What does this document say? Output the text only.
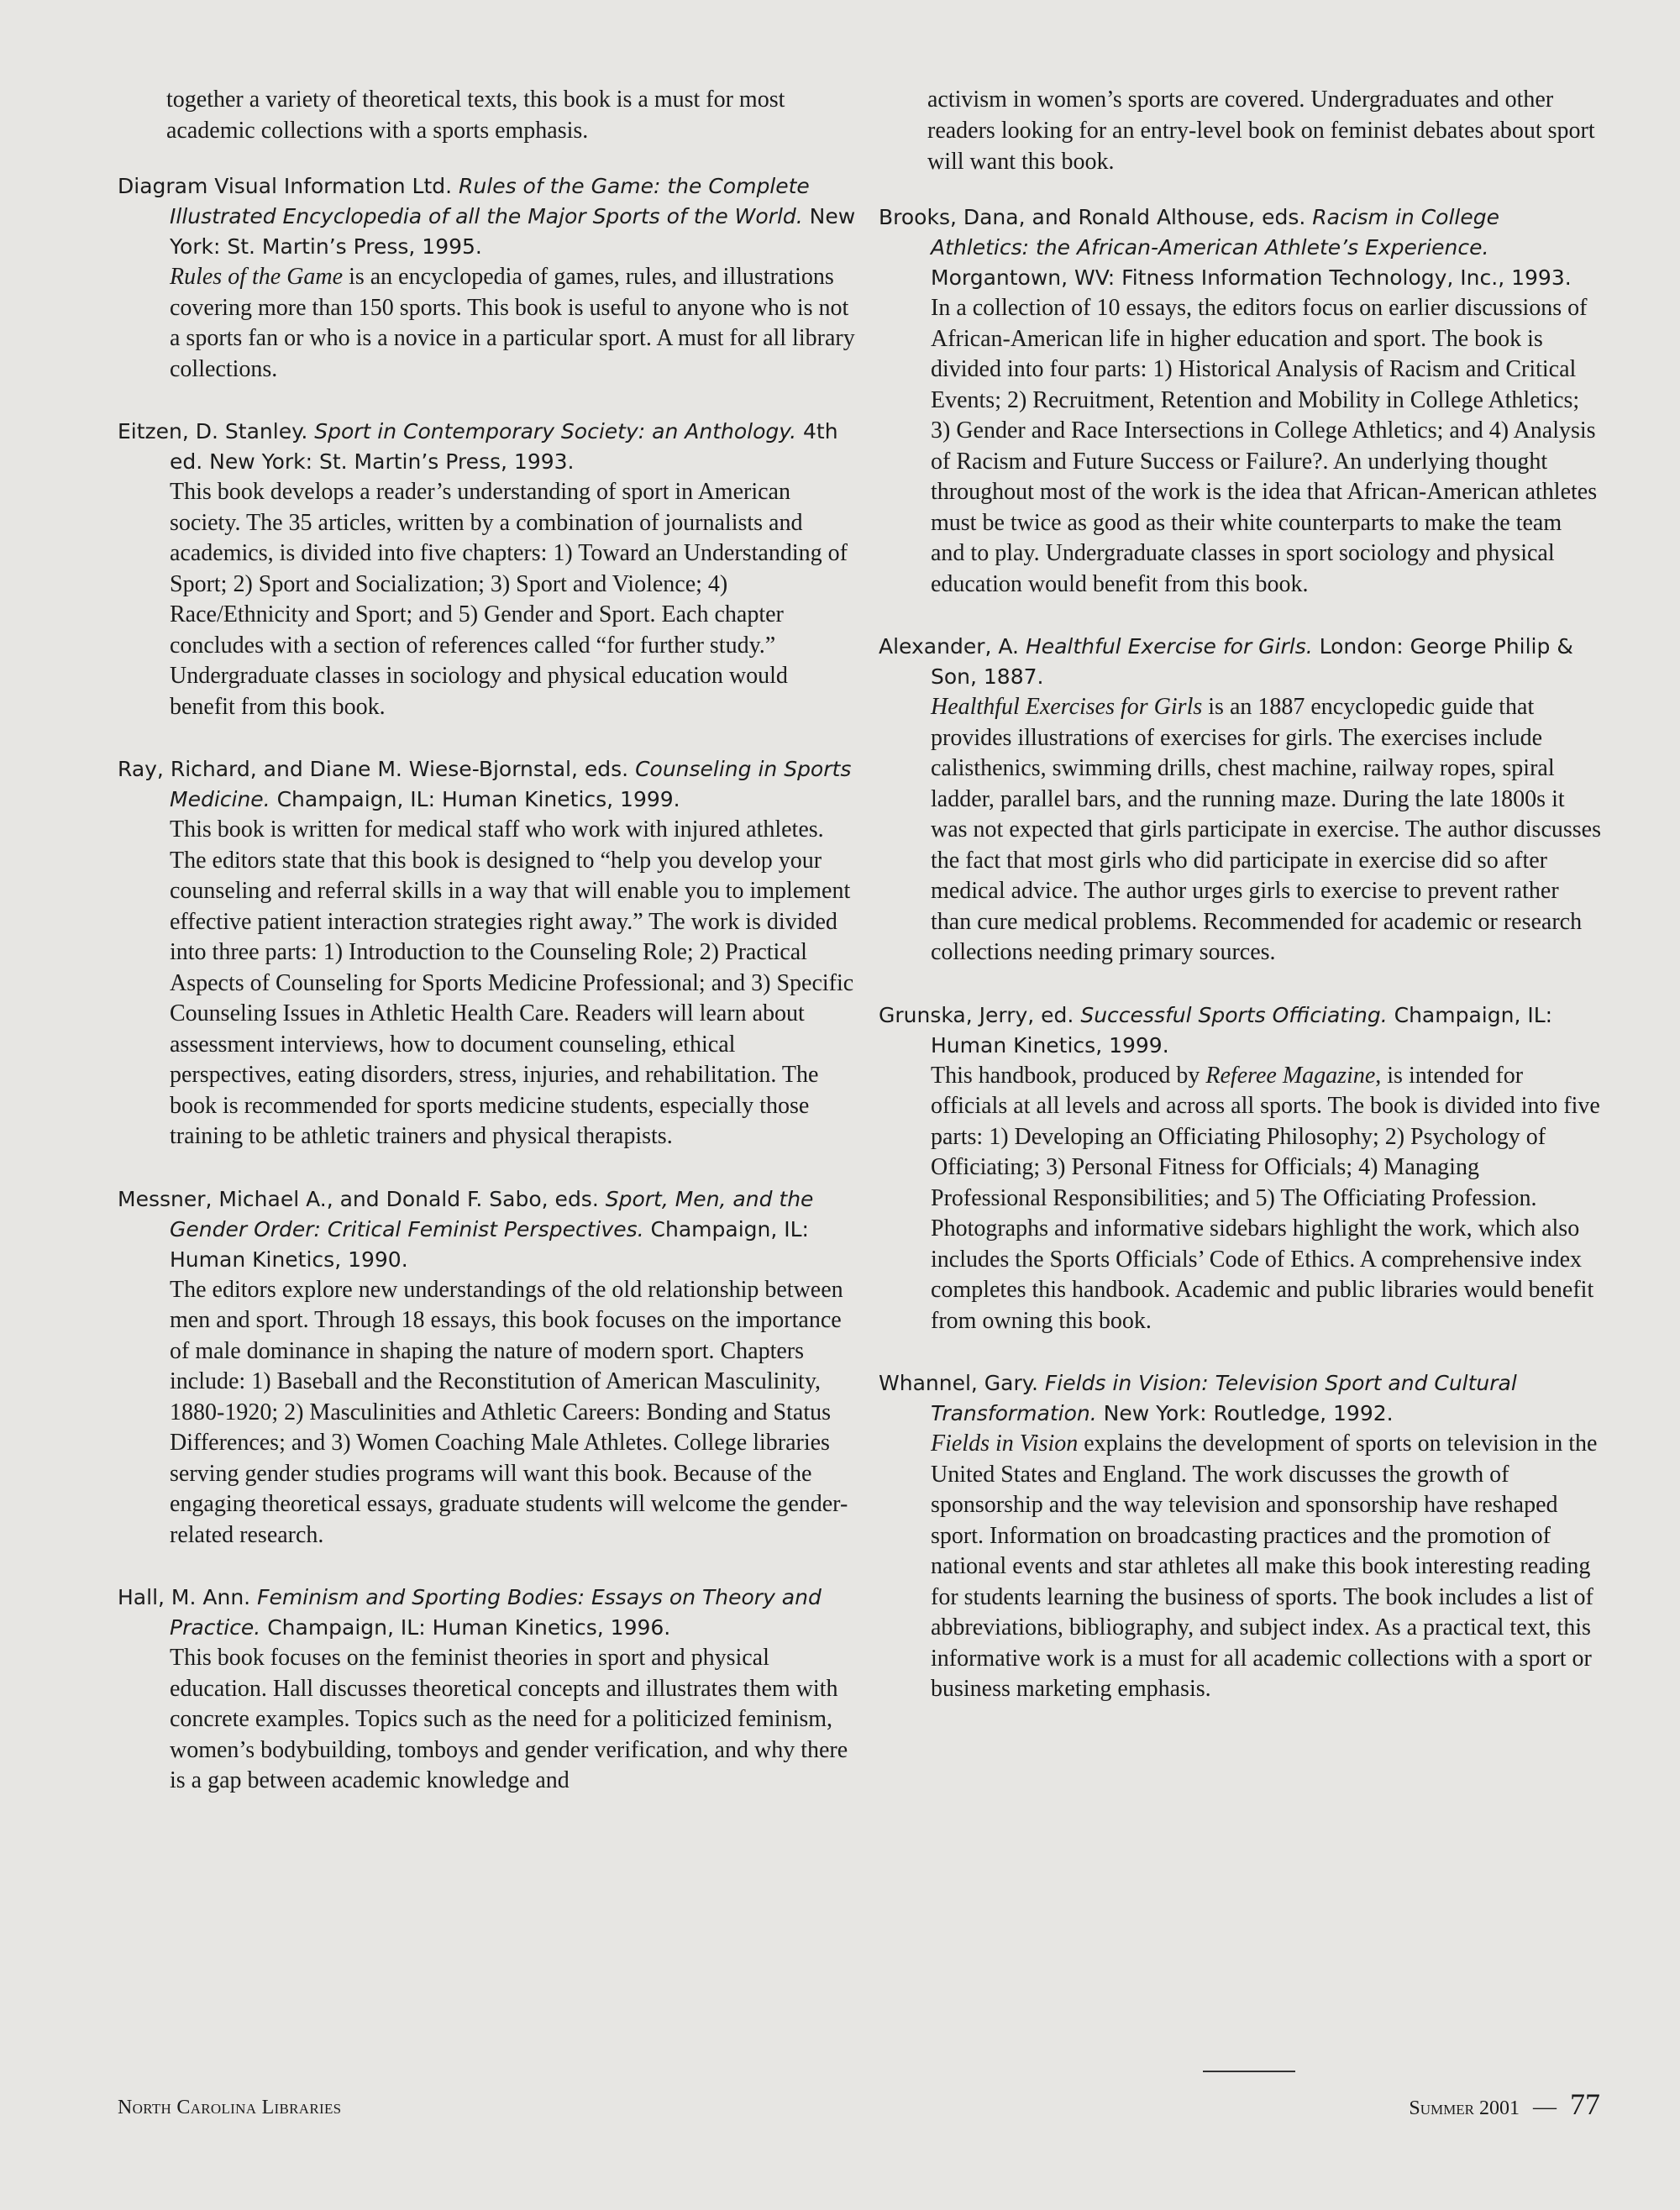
together a variety of theoretical texts, this book is a must for most academic collections with a sports emphasis.

Diagram Visual Information Ltd. Rules of the Game: the Complete Illustrated Encyclopedia of all the Major Sports of the World. New York: St. Martin’s Press, 1995.

Rules of the Game is an encyclopedia of games, rules, and illustrations covering more than 150 sports. This book is useful to anyone who is not a sports fan or who is a novice in a particular sport. A must for all library collections.

Eitzen, D. Stanley. Sport in Contemporary Society: an Anthology. 4th ed. New York: St. Martin’s Press, 1993.

This book develops a reader’s understanding of sport in American society. The 35 articles, written by a combination of journalists and academics, is divided into five chapters: 1) Toward an Understanding of Sport; 2) Sport and Socialization; 3) Sport and Violence; 4) Race/Ethnicity and Sport; and 5) Gender and Sport. Each chapter concludes with a section of references called “for further study.” Undergraduate classes in sociology and physical education would benefit from this book.

Ray, Richard, and Diane M. Wiese-Bjornstal, eds. Counseling in Sports Medicine. Champaign, IL: Human Kinetics, 1999.

This book is written for medical staff who work with injured athletes. The editors state that this book is designed to “help you develop your counseling and referral skills in a way that will enable you to implement effective patient interaction strategies right away.” The work is divided into three parts: 1) Introduction to the Counseling Role; 2) Practical Aspects of Counseling for Sports Medicine Professional; and 3) Specific Counseling Issues in Athletic Health Care. Readers will learn about assessment interviews, how to document counseling, ethical perspectives, eating disorders, stress, injuries, and rehabilitation. The book is recommended for sports medicine students, especially those training to be athletic trainers and physical therapists.

Messner, Michael A., and Donald F. Sabo, eds. Sport, Men, and the Gender Order: Critical Feminist Perspectives. Champaign, IL: Human Kinetics, 1990.

The editors explore new understandings of the old relationship between men and sport. Through 18 essays, this book focuses on the importance of male dominance in shaping the nature of modern sport. Chapters include: 1) Baseball and the Reconstitution of American Masculinity, 1880-1920; 2) Masculinities and Athletic Careers: Bonding and Status Differences; and 3) Women Coaching Male Athletes. College libraries serving gender studies programs will want this book. Because of the engaging theoretical essays, graduate students will welcome the gender-related research.

Hall, M. Ann. Feminism and Sporting Bodies: Essays on Theory and Practice. Champaign, IL: Human Kinetics, 1996.

This book focuses on the feminist theories in sport and physical education. Hall discusses theoretical concepts and illustrates them with concrete examples. Topics such as the need for a politicized feminism, women’s bodybuilding, tomboys and gender verification, and why there is a gap between academic knowledge and

activism in women’s sports are covered. Undergraduates and other readers looking for an entry-level book on feminist debates about sport will want this book.

Brooks, Dana, and Ronald Althouse, eds. Racism in College Athletics: the African-American Athlete’s Experience. Morgantown, WV: Fitness Information Technology, Inc., 1993.

In a collection of 10 essays, the editors focus on earlier discussions of African-American life in higher education and sport. The book is divided into four parts: 1) Historical Analysis of Racism and Critical Events; 2) Recruitment, Retention and Mobility in College Athletics; 3) Gender and Race Intersections in College Athletics; and 4) Analysis of Racism and Future Success or Failure?. An underlying thought throughout most of the work is the idea that African-American athletes must be twice as good as their white counterparts to make the team and to play. Undergraduate classes in sport sociology and physical education would benefit from this book.

Alexander, A. Healthful Exercise for Girls. London: George Philip & Son, 1887.

Healthful Exercises for Girls is an 1887 encyclopedic guide that provides illustrations of exercises for girls. The exercises include calisthenics, swimming drills, chest machine, railway ropes, spiral ladder, parallel bars, and the running maze. During the late 1800s it was not expected that girls participate in exercise. The author discusses the fact that most girls who did participate in exercise did so after medical advice. The author urges girls to exercise to prevent rather than cure medical problems. Recommended for academic or research collections needing primary sources.

Grunska, Jerry, ed. Successful Sports Officiating. Champaign, IL: Human Kinetics, 1999.

This handbook, produced by Referee Magazine, is intended for officials at all levels and across all sports. The book is divided into five parts: 1) Developing an Officiating Philosophy; 2) Psychology of Officiating; 3) Personal Fitness for Officials; 4) Managing Professional Responsibilities; and 5) The Officiating Profession. Photographs and informative sidebars highlight the work, which also includes the Sports Officials’ Code of Ethics. A comprehensive index completes this handbook. Academic and public libraries would benefit from owning this book.

Whannel, Gary. Fields in Vision: Television Sport and Cultural Transformation. New York: Routledge, 1992.

Fields in Vision explains the development of sports on television in the United States and England. The work discusses the growth of sponsorship and the way television and sponsorship have reshaped sport. Information on broadcasting practices and the promotion of national events and star athletes all make this book interesting reading for students learning the business of sports. The book includes a list of abbreviations, bibliography, and subject index. As a practical text, this informative work is a must for all academic collections with a sport or business marketing emphasis.

North Carolina Libraries	Summer 2001 — 77
